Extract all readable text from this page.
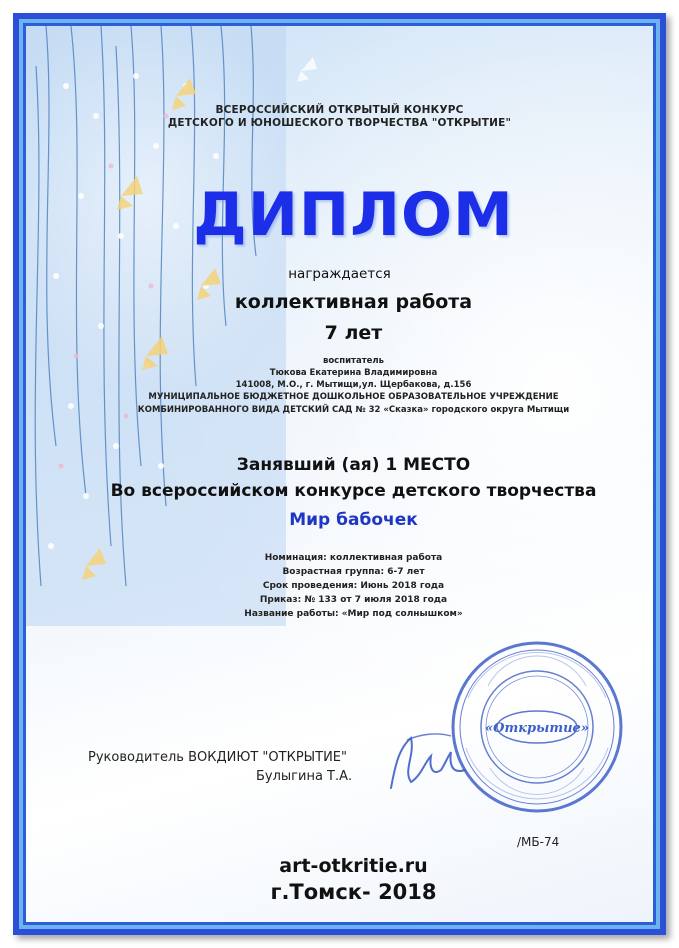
ВСЕРОССИЙСКИЙ ОТКРЫТЫЙ КОНКУРС
ДЕТСКОГО И ЮНОШЕСКОГО ТВОРЧЕСТВА "ОТКРЫТИЕ"
ДИПЛОМ
награждается
коллективная работа
7 лет
воспитатель
Тюкова Екатерина Владимировна
141008, М.О., г. Мытищи,ул. Щербакова, д.156
МУНИЦИПАЛЬНОЕ БЮДЖЕТНОЕ ДОШКОЛЬНОЕ ОБРАЗОВАТЕЛЬНОЕ УЧРЕЖДЕНИЕ
КОМБИНИРОВАННОГО ВИДА ДЕТСКИЙ САД № 32 «Сказка» городского округа Мытищи
Занявший (ая) 1 МЕСТО
Во всероссийском конкурсе детского творчества
Мир бабочек
Номинация: коллективная работа
Возрастная группа: 6-7 лет
Срок проведения: Июнь 2018 года
Приказ: № 133 от 7 июля 2018 года
Название работы: «Мир под солнышком»
«Открытие»
Руководитель ВОКДИЮТ "ОТКРЫТИЕ"
Булыгина Т.А.
/МБ-74
art-otkritie.ru
г.Томск- 2018
